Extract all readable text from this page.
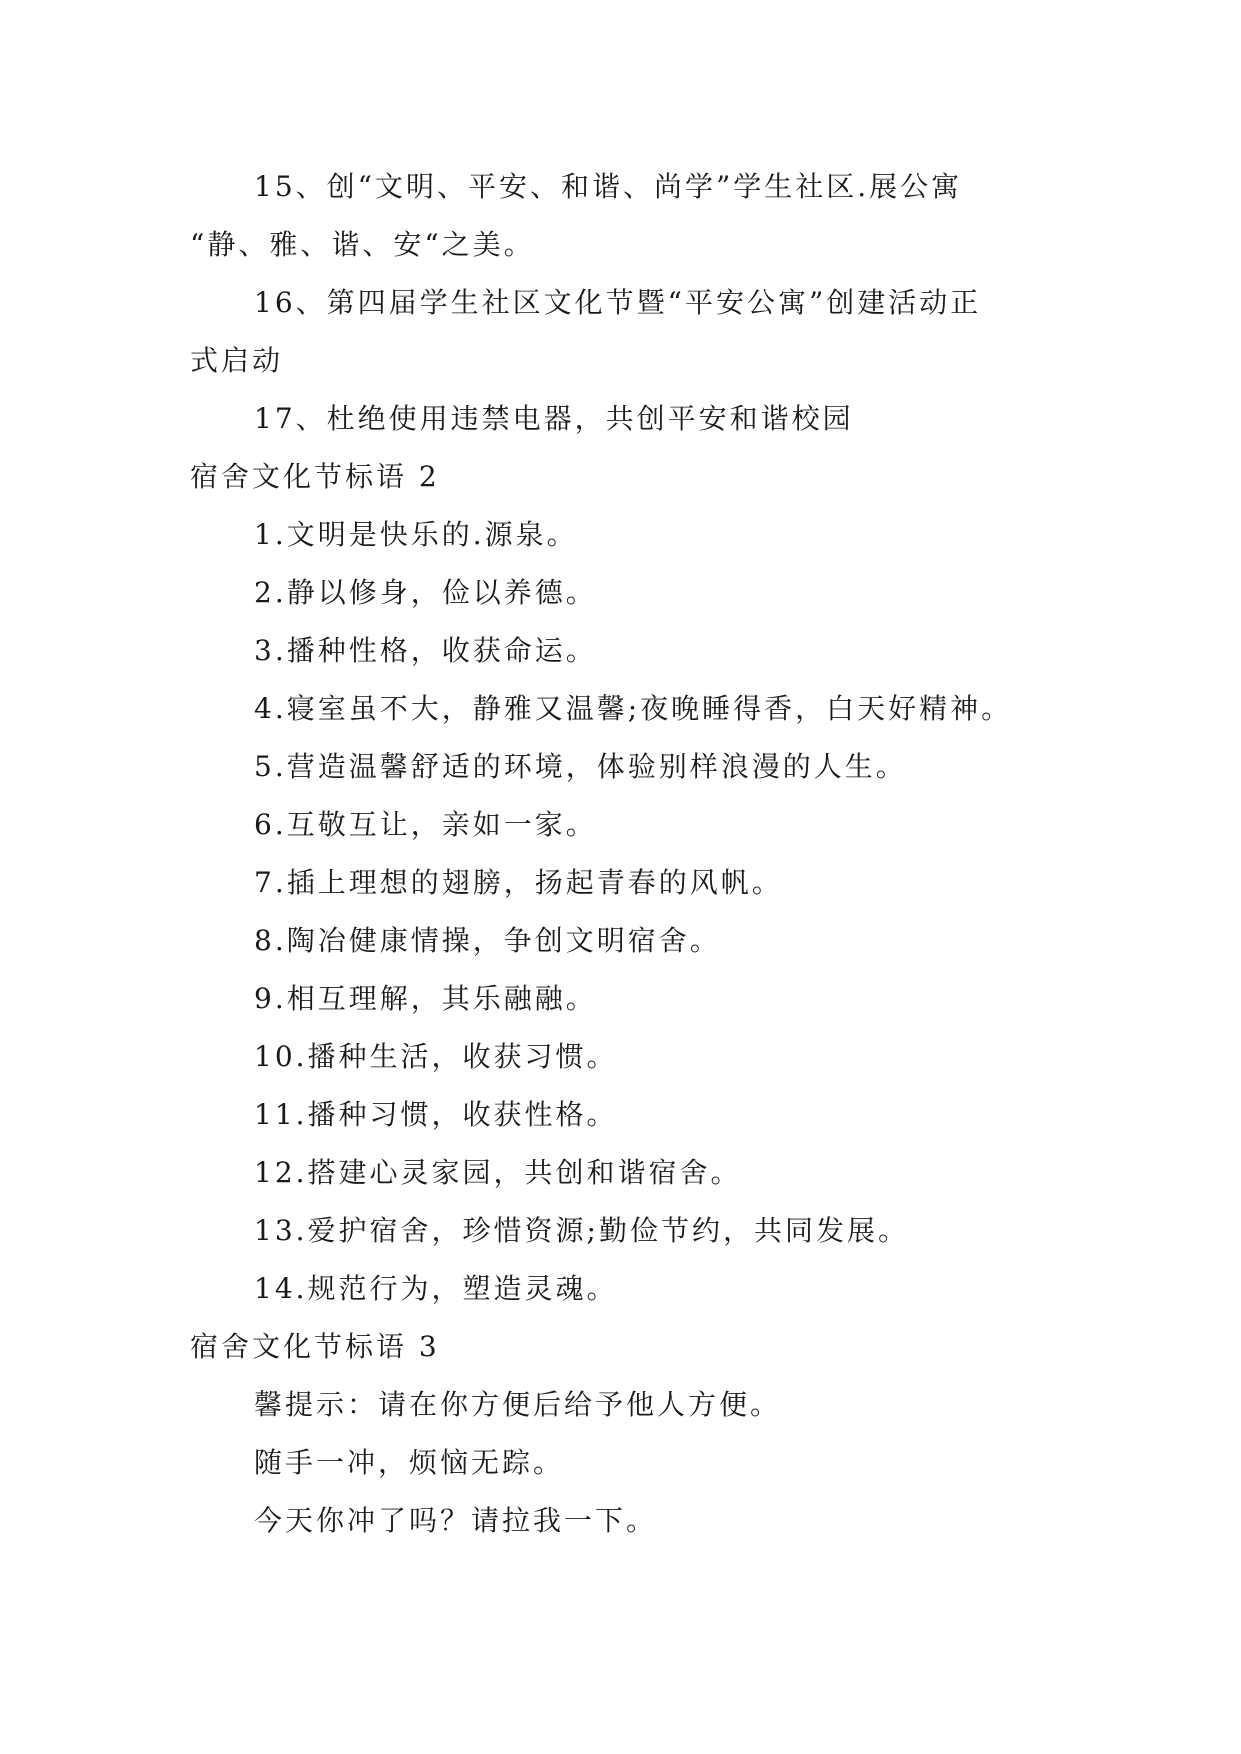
15、创“文明、平安、和谐、尚学”学生社区.展公寓
“静、雅、谐、安“之美。
16、第四届学生社区文化节暨“平安公寓”创建活动正
式启动
17、杜绝使用违禁电器，共创平安和谐校园
宿舍文化节标语 2
1.文明是快乐的.源泉。
2.静以修身，俭以养德。
3.播种性格，收获命运。
4.寝室虽不大，静雅又温馨;夜晚睡得香，白天好精神。
5.营造温馨舒适的环境，体验别样浪漫的人生。
6.互敬互让，亲如一家。
7.插上理想的翅膀，扬起青春的风帆。
8.陶冶健康情操，争创文明宿舍。
9.相互理解，其乐融融。
10.播种生活，收获习惯。
11.播种习惯，收获性格。
12.搭建心灵家园，共创和谐宿舍。
13.爱护宿舍，珍惜资源;勤俭节约，共同发展。
14.规范行为，塑造灵魂。
宿舍文化节标语 3
馨提示：请在你方便后给予他人方便。
随手一冲，烦恼无踪。
今天你冲了吗？请拉我一下。
